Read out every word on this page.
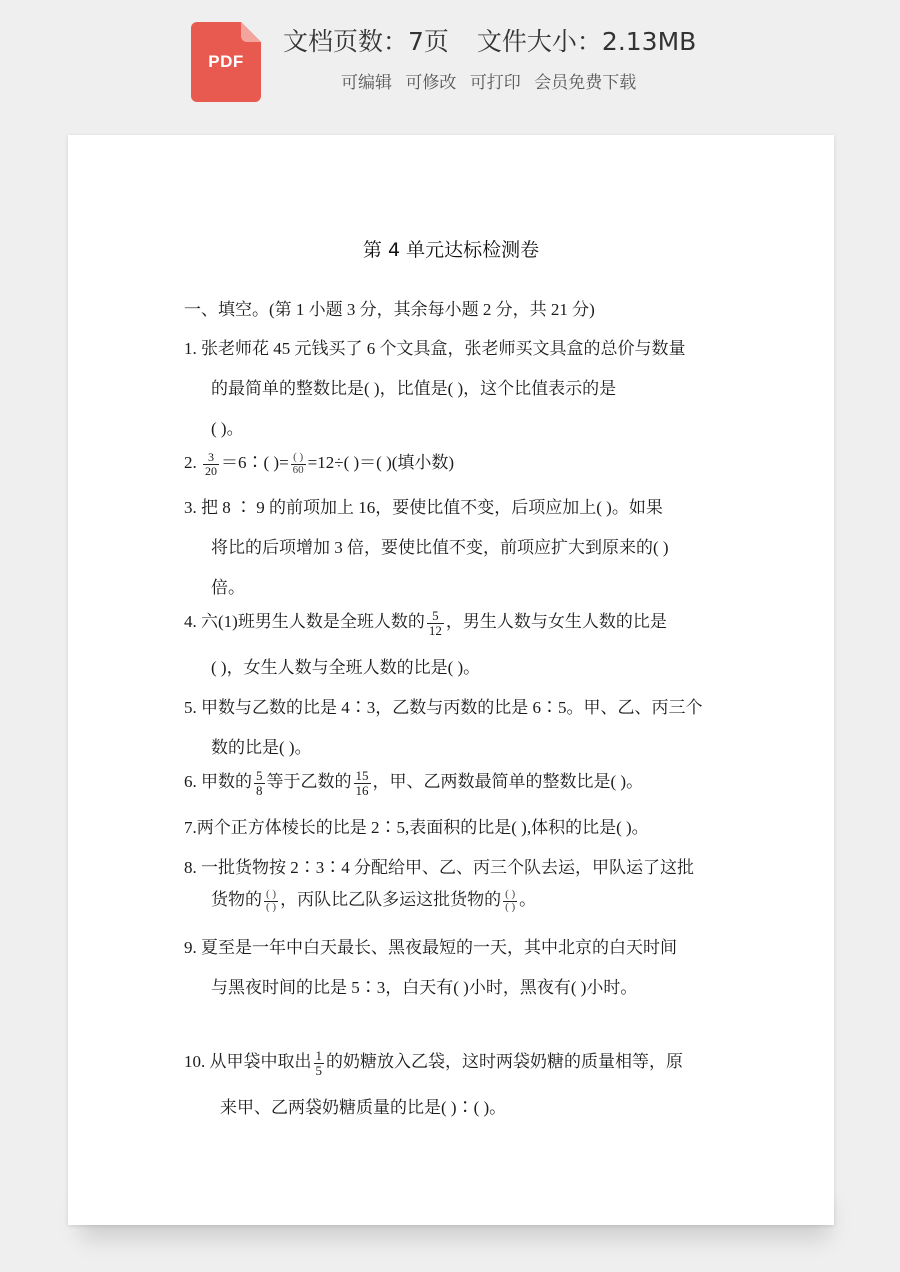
PDF
文档页数：7页 文件大小：2.13MB
可编辑 可修改 可打印 会员免费下载
第 4 单元达标检测卷
一、填空。(第 1 小题 3 分，其余每小题 2 分，共 21 分)
1. 张老师花 45 元钱买了 6 个文具盒，张老师买文具盒的总价与数量
的最简单的整数比是( )，比值是( )，这个比值表示的是
( )。
2. $\frac{3}{20}$ ＝6∶( )= $\frac{( )}{60} =12\div$( )＝( )(填小数)
3. 把 8 ∶ 9 的前项加上 16，要使比值不变，后项应加上( )。如果
将比的后项增加 3 倍，要使比值不变，前项应扩大到原来的( )
倍。
4. 六(1)班男生人数是全班人数的 $\frac{5}{12}$ ，男生人数与女生人数的比是
( )，女生人数与全班人数的比是( )。
5. 甲数与乙数的比是 4∶3，乙数与丙数的比是 6∶5。甲、乙、丙三个
数的比是( )。
6. 甲数的 $\frac{5}{8}$ 等于乙数的 $\frac{15}{16}$ ，甲、乙两数最简单的整数比是( )。
7.两个正方体棱长的比是 2∶5,表面积的比是( ),体积的比是( )。
8. 一批货物按 2∶3∶4 分配给甲、乙、丙三个队去运，甲队运了这批
货物的 $\frac{( )}{( )}$ ，丙队比乙队多运这批货物的 $\frac{( )}{( )}$ 。
9. 夏至是一年中白天最长、黑夜最短的一天，其中北京的白天时间
与黑夜时间的比是 5∶3，白天有( )小时，黑夜有( )小时。
10. 从甲袋中取出 $\frac{1}{5}$ 的奶糖放入乙袋，这时两袋奶糖的质量相等，原
来甲、乙两袋奶糖质量的比是( )∶( )。
